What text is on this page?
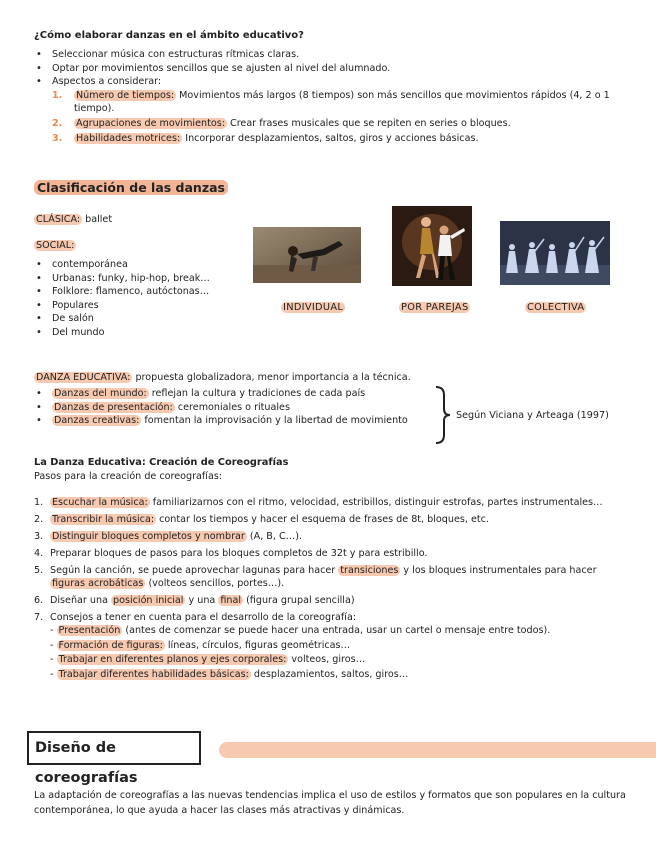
¿Cómo elaborar danzas en el ámbito educativo?
• Seleccionar música con estructuras rítmicas claras.
• Optar por movimientos sencillos que se ajusten al nivel del alumnado.
• Aspectos a considerar:
1. Número de tiempos: Movimientos más largos (8 tiempos) son más sencillos que movimientos rápidos (4, 2 o 1 tiempo).
2. Agrupaciones de movimientos: Crear frases musicales que se repiten en series o bloques.
3. Habilidades motrices: Incorporar desplazamientos, saltos, giros y acciones básicas.
Clasificación de las danzas
CLÁSICA: ballet
SOCIAL:
• contemporánea
• Urbanas: funky, hip-hop, break…
• Folklore: flamenco, autóctonas…
• Populares
• De salón
• Del mundo
INDIVIDUAL	POR PAREJAS	COLECTIVA
DANZA EDUCATIVA: propuesta globalizadora, menor importancia a la técnica.
• Danzas del mundo: reflejan la cultura y tradiciones de cada país
• Danzas de presentación: ceremoniales o rituales
• Danzas creativas: fomentan la improvisación y la libertad de movimiento	Según Viciana y Arteaga (1997)
La Danza Educativa: Creación de Coreografías
Pasos para la creación de coreografías:
1. Escuchar la música: familiarizarnos con el ritmo, velocidad, estribillos, distinguir estrofas, partes instrumentales…
2. Transcribir la música: contar los tiempos y hacer el esquema de frases de 8t, bloques, etc.
3. Distinguir bloques completos y nombrar (A, B, C…).
4. Preparar bloques de pasos para los bloques completos de 32t y para estribillo.
5. Según la canción, se puede aprovechar lagunas para hacer transiciones y los bloques instrumentales para hacer figuras acrobáticas (volteos sencillos, portes…).
6. Diseñar una posición inicial y una final (figura grupal sencilla)
7. Consejos a tener en cuenta para el desarrollo de la coreografía:
- Presentación (antes de comenzar se puede hacer una entrada, usar un cartel o mensaje entre todos).
- Formación de figuras: líneas, círculos, figuras geométricas…
- Trabajar en diferentes planos y ejes corporales: volteos, giros…
- Trabajar diferentes habilidades básicas: desplazamientos, saltos, giros…
Diseño de coreografías
La adaptación de coreografías a las nuevas tendencias implica el uso de estilos y formatos que son populares en la cultura contemporánea, lo que ayuda a hacer las clases más atractivas y dinámicas.
